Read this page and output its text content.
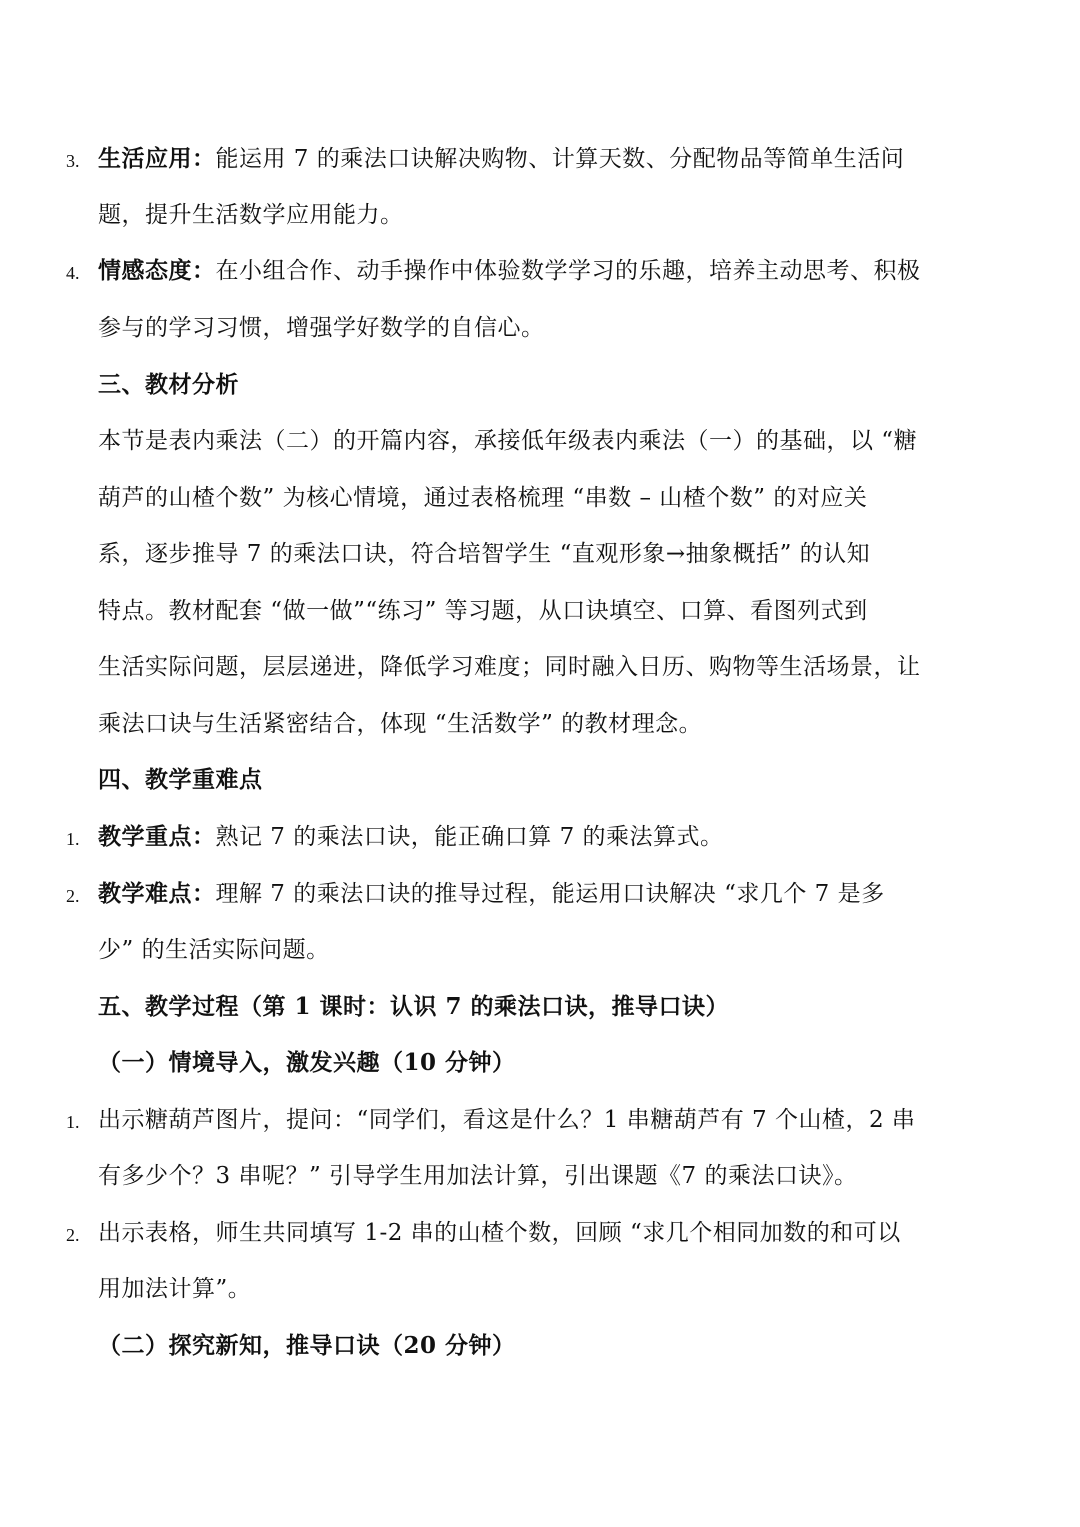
3. 生活应用：能运用 7 的乘法口诀解决购物、计算天数、分配物品等简单生活问
题，提升生活数学应用能力。
4. 情感态度：在小组合作、动手操作中体验数学学习的乐趣，培养主动思考、积极
参与的学习习惯，增强学好数学的自信心。
三、教材分析
本节是表内乘法（二）的开篇内容，承接低年级表内乘法（一）的基础，以 “糖
葫芦的山楂个数” 为核心情境，通过表格梳理 “串数 – 山楂个数” 的对应关
系，逐步推导 7 的乘法口诀，符合培智学生 “直观形象→抽象概括” 的认知
特点。教材配套 “做一做”“练习” 等习题，从口诀填空、口算、看图列式到
生活实际问题，层层递进，降低学习难度；同时融入日历、购物等生活场景，让
乘法口诀与生活紧密结合，体现 “生活数学” 的教材理念。
四、教学重难点
1. 教学重点：熟记 7 的乘法口诀，能正确口算 7 的乘法算式。
2. 教学难点：理解 7 的乘法口诀的推导过程，能运用口诀解决 “求几个 7 是多
少” 的生活实际问题。
五、教学过程（第 1 课时：认识 7 的乘法口诀，推导口诀）
（一）情境导入，激发兴趣（10 分钟）
1. 出示糖葫芦图片，提问：“同学们，看这是什么？1 串糖葫芦有 7 个山楂，2 串
有多少个？3 串呢？” 引导学生用加法计算，引出课题《7 的乘法口诀》。
2. 出示表格，师生共同填写 1-2 串的山楂个数，回顾 “求几个相同加数的和可以
用加法计算”。
（二）探究新知，推导口诀（20 分钟）
